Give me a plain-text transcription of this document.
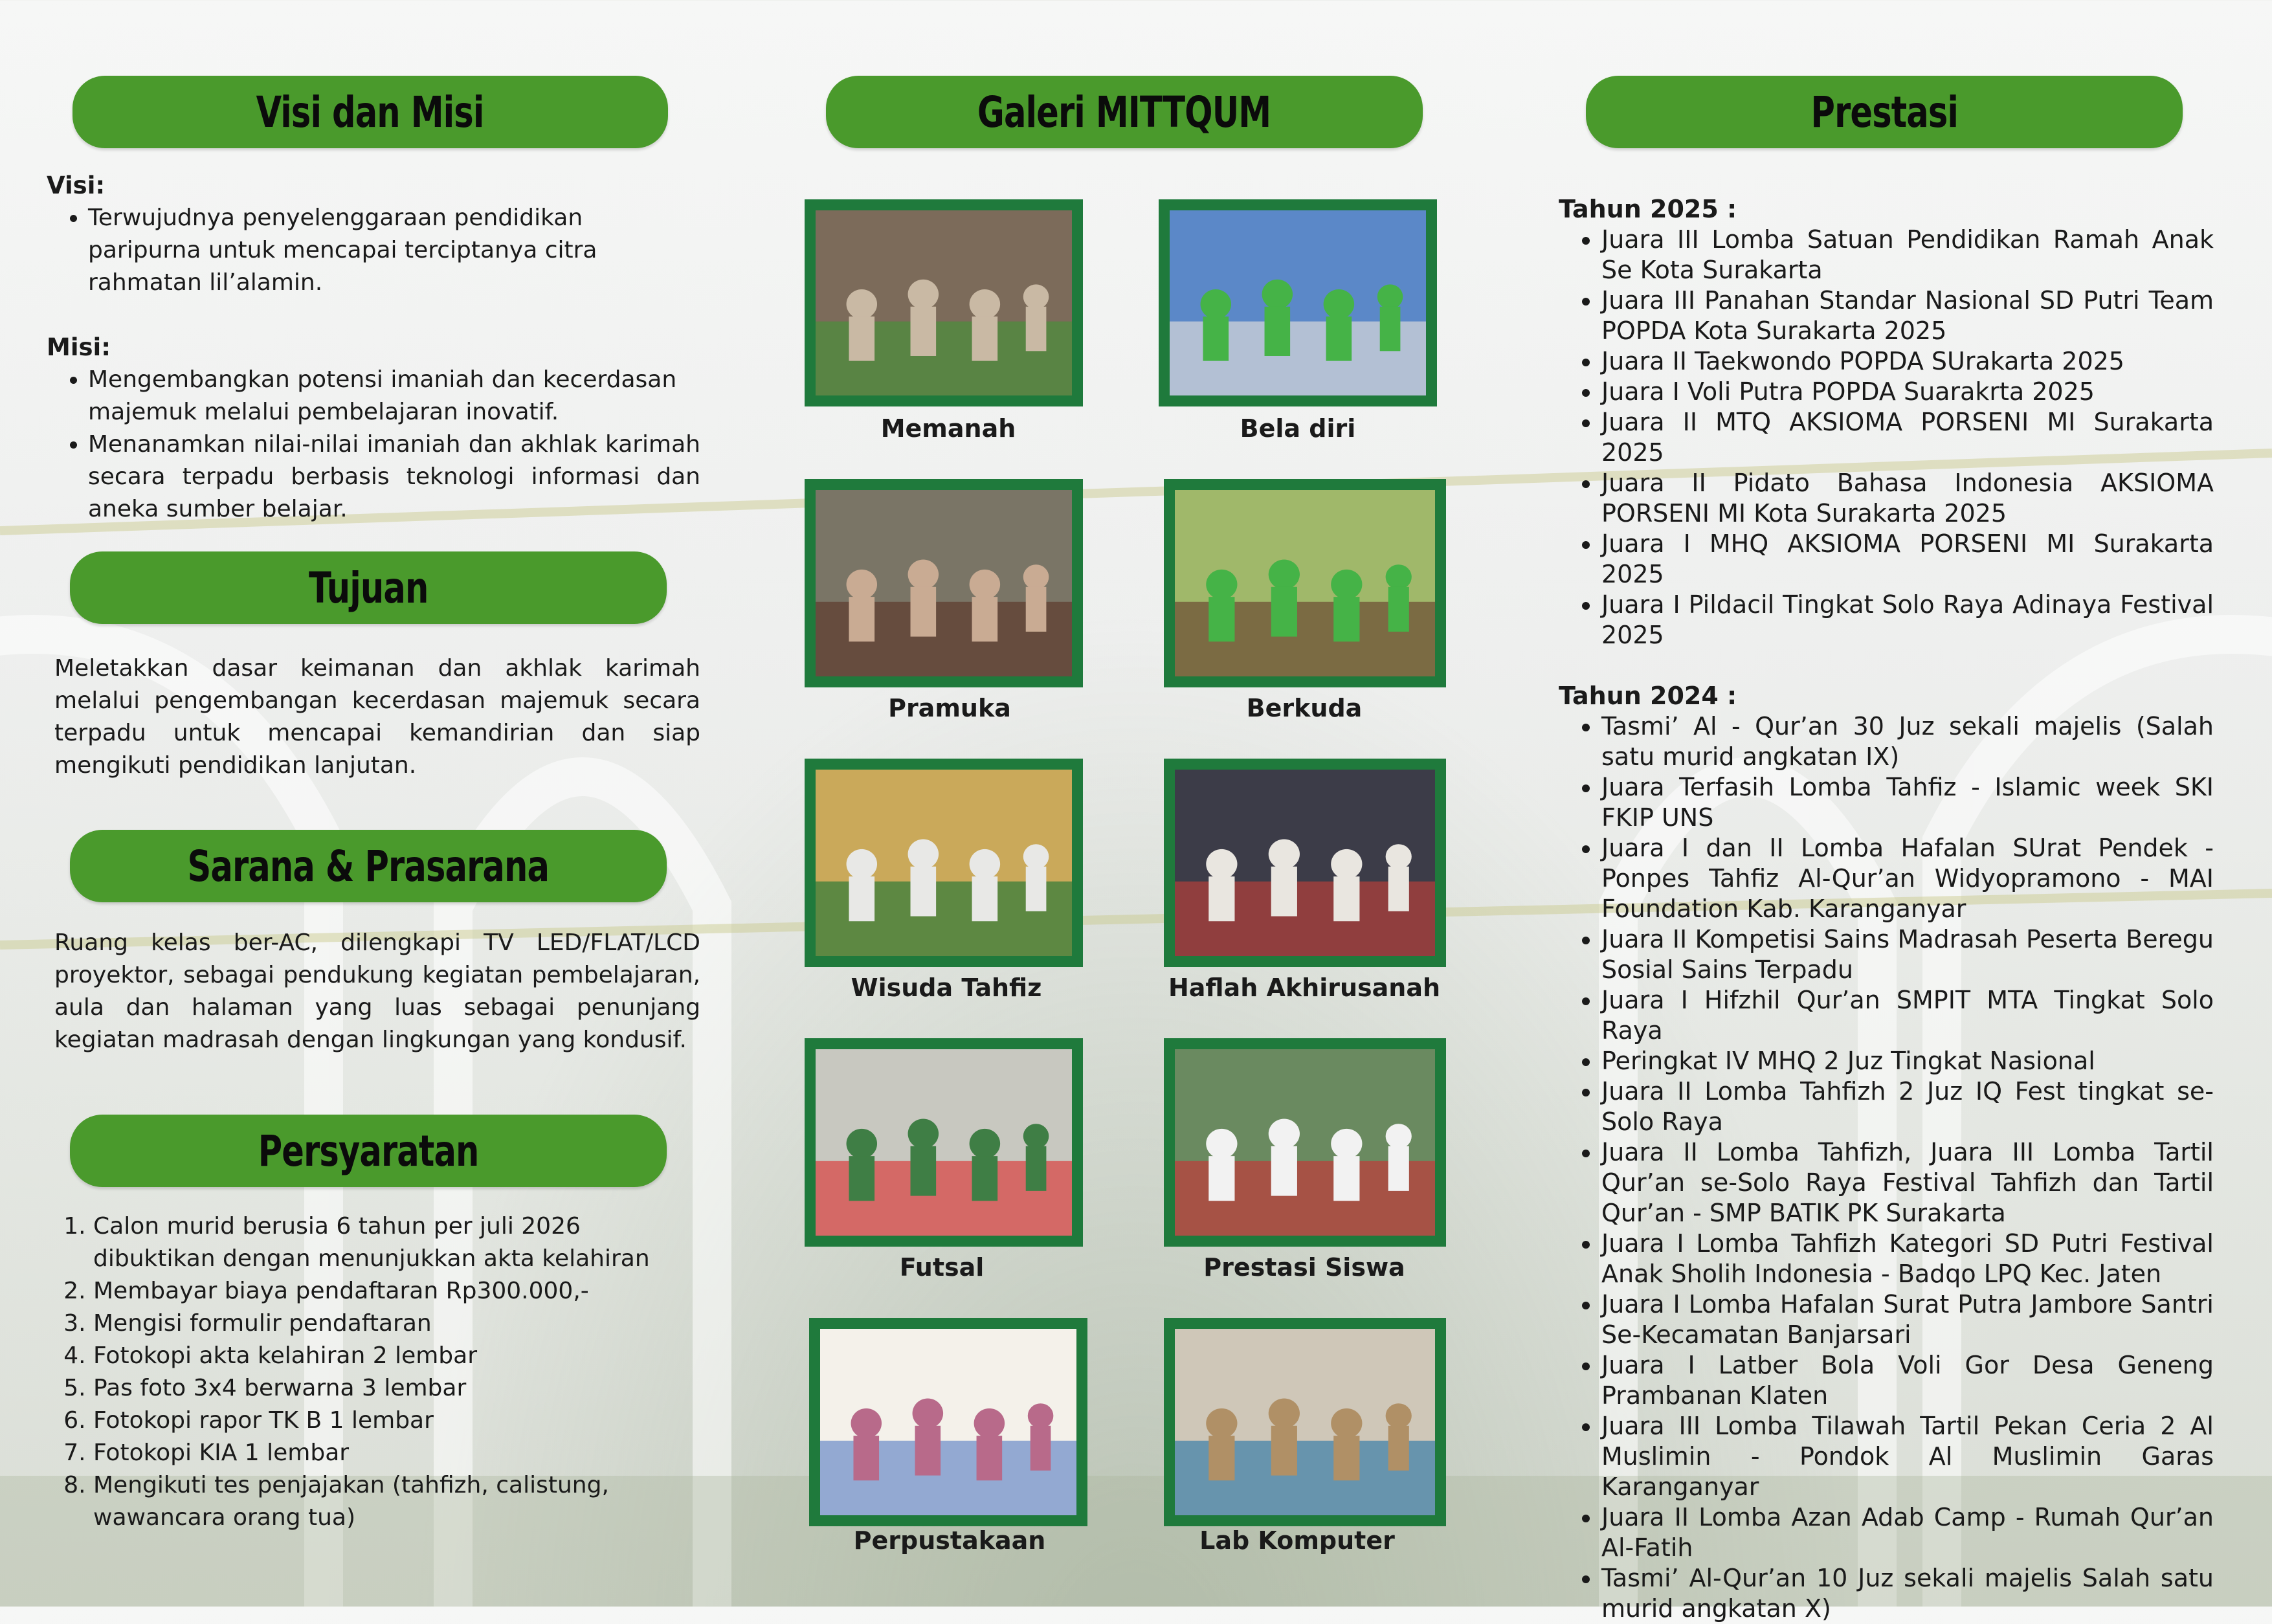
Visi dan Misi

Visi:

• Terwujudnya penyelenggaraan pendidikan paripurna untuk mencapai terciptanya citra rahmatan lil’alamin.

Misi:

• Mengembangkan potensi imaniah dan kecerdasan majemuk melalui pembelajaran inovatif.
• Menanamkan nilai-nilai imaniah dan akhlak karimah secara terpadu berbasis teknologi informasi dan aneka sumber belajar.
Tujuan

Meletakkan dasar keimanan dan akhlak karimah melalui pengembangan kecerdasan majemuk secara terpadu untuk mencapai kemandirian dan siap mengikuti pendidikan lanjutan.

Sarana & Prasarana

Ruang kelas ber-AC, dilengkapi TV LED/FLAT/LCD proyektor, sebagai pendukung kegiatan pembelajaran, aula dan halaman yang luas sebagai penunjang kegiatan madrasah dengan lingkungan yang kondusif.

Persyaratan
1. Calon murid berusia 6 tahun per juli 2026 dibuktikan dengan menunjukkan akta kelahiran
2. Membayar biaya pendaftaran Rp300.000,-
3. Mengisi formulir pendaftaran
4. Fotokopi akta kelahiran 2 lembar
5. Pas foto 3x4 berwarna 3 lembar
6. Fotokopi rapor TK B 1 lembar
7. Fotokopi KIA 1 lembar
8. Mengikuti tes penjajakan (tahfizh, calistung, wawancara orang tua)
Galeri MITTQUM
Memanah	Bela diri
Pramuka	Berkuda
Wisuda Tahfiz	Haflah Akhirusanah
Futsal	Prestasi Siswa
Perpustakaan	Lab Komputer
Prestasi

Tahun 2025 :

• Juara III Lomba Satuan Pendidikan Ramah Anak Se Kota Surakarta
• Juara III Panahan Standar Nasional SD Putri Team POPDA Kota Surakarta 2025
• Juara II Taekwondo POPDA SUrakarta 2025
• Juara I Voli Putra POPDA Suarakrta 2025
• Juara II MTQ AKSIOMA PORSENI MI Surakarta 2025
• Juara II Pidato Bahasa Indonesia AKSIOMA PORSENI MI Kota Surakarta 2025
• Juara I MHQ AKSIOMA PORSENI MI Surakarta 2025
• Juara I Pildacil Tingkat Solo Raya Adinaya Festival 2025

Tahun 2024 :

• Tasmi’ Al - Qur’an 30 Juz sekali majelis (Salah satu murid angkatan IX)
• Juara Terfasih Lomba Tahfiz - Islamic week SKI FKIP UNS
• Juara I dan II Lomba Hafalan SUrat Pendek - Ponpes Tahfiz Al-Qur’an Widyopramono - MAI Foundation Kab. Karanganyar
• Juara II Kompetisi Sains Madrasah Peserta Beregu Sosial Sains Terpadu
• Juara I Hifzhil Qur’an SMPIT MTA Tingkat Solo Raya
• Peringkat IV MHQ 2 Juz Tingkat Nasional
• Juara II Lomba Tahfizh 2 Juz IQ Fest tingkat se-Solo Raya
• Juara II Lomba Tahfizh, Juara III Lomba Tartil Qur’an se-Solo Raya Festival Tahfizh dan Tartil Qur’an - SMP BATIK PK Surakarta
• Juara I Lomba Tahfizh Kategori SD Putri Festival Anak Sholih Indonesia - Badqo LPQ Kec. Jaten
• Juara I Lomba Hafalan Surat Putra Jambore Santri Se-Kecamatan Banjarsari
• Juara I Latber Bola Voli Gor Desa Geneng Prambanan Klaten
• Juara III Lomba Tilawah Tartil Pekan Ceria 2 Al Muslimin - Pondok Al Muslimin Garas Karanganyar
• Juara II Lomba Azan Adab Camp - Rumah Qur’an Al-Fatih
• Tasmi’ Al-Qur’an 10 Juz sekali majelis Salah satu murid angkatan X)
